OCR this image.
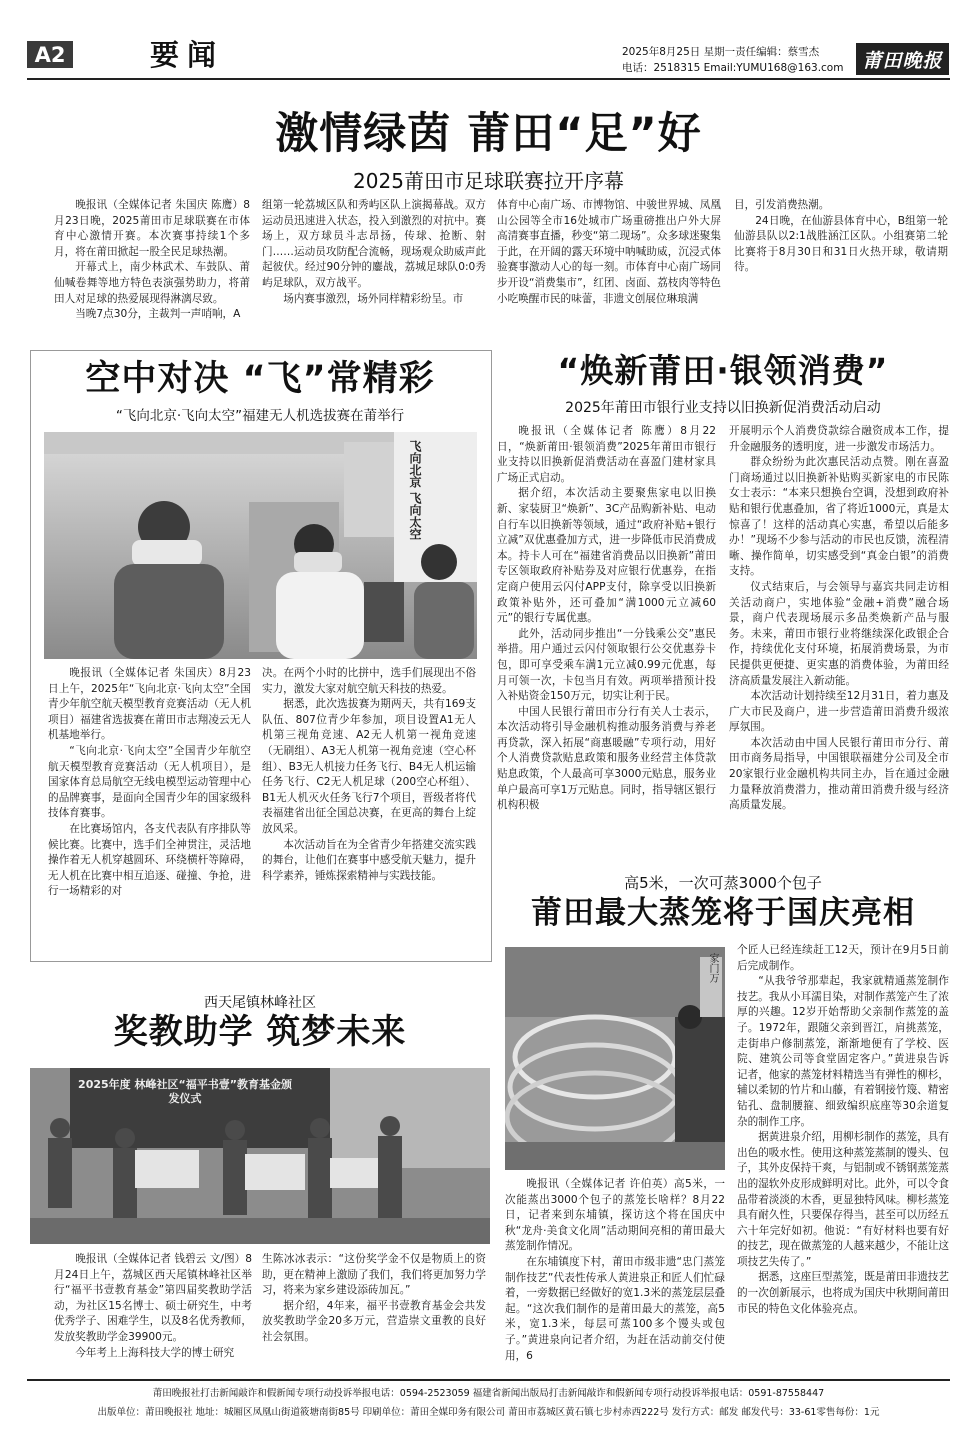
A2	要闻	2025年8月25日 星期一责任编辑：蔡雪杰
电话：2518315 Email:YUMU168@163.com	莆田晚报
激情绿茵 莆田“足”好
2025莆田市足球联赛拉开序幕

晚报讯（全媒体记者 朱国庆 陈鹰）8月23日晚，2025莆田市足球联赛在市体育中心激情开赛。本次赛事持续1个多月，将在莆田掀起一股全民足球热潮。

开幕式上，南少林武术、车鼓队、莆仙喊卷舞等地方特色表演强势助力，将莆田人对足球的热爱展现得淋漓尽致。

当晚7点30分，主裁判一声哨响，A

组第一轮荔城区队和秀屿区队上演揭幕战。双方运动员迅速进入状态，投入到激烈的对抗中。赛场上，双方球员斗志昂扬，传球、抢断、射门……运动员攻防配合流畅，现场观众助威声此起彼伏。经过90分钟的鏖战，荔城足球队0:0秀屿足球队，双方战平。

场内赛事激烈，场外同样精彩纷呈。市

体育中心南广场、市博物馆、中骏世界城、凤凰山公园等全市16处城市广场重磅推出户外大屏高清赛事直播，秒变“第二现场”。众多球迷聚集于此，在开阔的露天环境中呐喊助威，沉浸式体验赛事激动人心的每一刻。市体育中心南广场同步开设“消费集市”，红团、卤面、荔枝肉等特色小吃唤醒市民的味蕾，非遗文创展位琳琅满

目，引发消费热潮。

24日晚，在仙游县体育中心，B组第一轮仙游县队以2:1战胜涵江区队。小组赛第二轮比赛将于8月30日和31日火热开球，敬请期待。

空中对决 “飞”常精彩
“飞向北京·飞向太空”福建无人机选拔赛在莆举行
飞向北京 飞向太空

晚报讯（全媒体记者 朱国庆）8月23日上午，2025年“飞向北京·飞向太空”全国青少年航空航天模型教育竞赛活动（无人机项目）福建省选拔赛在莆田市志翔凌云无人机基地举行。

“飞向北京·飞向太空”全国青少年航空航天模型教育竞赛活动（无人机项目），是国家体育总局航空无线电模型运动管理中心的品牌赛事，是面向全国青少年的国家级科技体育赛事。

在比赛场馆内，各支代表队有序排队等候比赛。比赛中，选手们全神贯注，灵活地操作着无人机穿越圆环、环绕横杆等障碍，无人机在比赛中相互追逐、碰撞、争抢，进行一场精彩的对

决。在两个小时的比拼中，选手们展现出不俗实力，激发大家对航空航天科技的热爱。

据悉，此次选拔赛为期两天，共有169支队伍、807位青少年参加，项目设置A1无人机第三视角竞速、A2无人机第一视角竞速（无刷组）、A3无人机第一视角竞速（空心杯组）、B3无人机接力任务飞行、B4无人机运输任务飞行、C2无人机足球（200空心杯组）、B1无人机灭火任务飞行7个项目，晋级者将代表福建省出征全国总决赛，在更高的舞台上绽放风采。

本次活动旨在为全省青少年搭建交流实践的舞台，让他们在赛事中感受航天魅力，提升科学素养，锤炼探索精神与实践技能。

“焕新莆田·银领消费”
2025年莆田市银行业支持以旧换新促消费活动启动

晚报讯（全媒体记者 陈鹰）8月22日，“焕新莆田·银领消费”2025年莆田市银行业支持以旧换新促消费活动在喜盈门建材家具广场正式启动。

据介绍，本次活动主要聚焦家电以旧换新、家装厨卫“焕新”、3C产品购新补贴、电动自行车以旧换新等领域，通过“政府补贴+银行立减”双优惠叠加方式，进一步降低市民消费成本。持卡人可在“福建省消费品以旧换新”莆田专区领取政府补贴券及对应银行优惠券，在指定商户使用云闪付APP支付，除享受以旧换新政策补贴外，还可叠加“满1000元立减60元”的银行专属优惠。

此外，活动同步推出“一分钱乘公交”惠民举措。用户通过云闪付领取银行公交优惠券卡包，即可享受乘车满1元立减0.99元优惠，每月可领一次，卡包当月有效。两项举措预计投入补贴资金150万元，切实让利于民。

中国人民银行莆田市分行有关人士表示，本次活动将引导金融机构推动服务消费与养老再贷款，深入拓展“商惠暖融”专项行动，用好个人消费贷款贴息政策和服务业经营主体贷款贴息政策，个人最高可享3000元贴息，服务业单户最高可享1万元贴息。同时，指导辖区银行机构积极

开展明示个人消费贷款综合融资成本工作，提升金融服务的透明度，进一步激发市场活力。

群众纷纷为此次惠民活动点赞。刚在喜盈门商场通过以旧换新补贴购买新家电的市民陈女士表示：“本来只想换台空调，没想到政府补贴和银行优惠叠加，省了将近1000元，真是太惊喜了！这样的活动真心实惠，希望以后能多办！”现场不少参与活动的市民也反馈，流程清晰、操作简单，切实感受到“真金白银”的消费支持。

仪式结束后，与会领导与嘉宾共同走访相关活动商户，实地体验“金融+消费”融合场景，商户代表现场展示多品类焕新产品与服务。未来，莆田市银行业将继续深化政银企合作，持续优化支付环境，拓展消费场景，为市民提供更便捷、更实惠的消费体验，为莆田经济高质量发展注入新动能。

本次活动计划持续至12月31日，着力惠及广大市民及商户，进一步营造莆田消费升级浓厚氛围。

本次活动由中国人民银行莆田市分行、莆田市商务局指导，中国银联福建分公司及全市20家银行业金融机构共同主办，旨在通过金融力量释放消费潜力，推动莆田消费升级与经济高质量发展。

高5米，一次可蒸3000个包子
莆田最大蒸笼将于国庆亮相
家门万

晚报讯（全媒体记者 许伯英）高5米，一次能蒸出3000个包子的蒸笼长啥样？8月22日，记者来到东埔镇，探访这个将在国庆中秋“龙舟·美食文化周”活动期间亮相的莆田最大蒸笼制作情况。

在东埔镇度下村，莆田市级非遗“忠门蒸笼制作技艺”代表性传承人黄进泉正和匠人们忙碌着，一旁数据已经做好的宽1.3米的蒸笼层层叠起。“这次我们制作的是莆田最大的蒸笼，高5米，宽1.3米，每层可蒸100多个馒头或包子。”黄进泉向记者介绍，为赶在活动前交付使用，6

个匠人已经连续赶工12天，预计在9月5日前后完成制作。

“从我爷爷那辈起，我家就精通蒸笼制作技艺。我从小耳濡目染，对制作蒸笼产生了浓厚的兴趣。12岁开始帮助父亲制作蒸笼的盖子。1972年，跟随父亲到晋江，肩挑蒸笼，走街串户修制蒸笼，渐渐地便有了学校、医院、建筑公司等食堂固定客户。”黄进泉告诉记者，他家的蒸笼材料精选当有弹性的柳杉，辅以柔韧的竹片和山藤，有着钢接竹篾、精密钻孔、盘制腰箍、细致编织底座等30余道复杂的制作工序。

据黄进泉介绍，用柳杉制作的蒸笼，具有出色的吸水性。使用这种蒸笼蒸制的馒头、包子，其外皮保持干爽，与铝制或不锈钢蒸笼蒸出的湿软外皮形成鲜明对比。此外，可以令食品带着淡淡的木香，更显独特风味。柳杉蒸笼具有耐久性，只要保存得当，甚至可以历经五六十年完好如初。他说：“有好材料也要有好的技艺，现在做蒸笼的人越来越少，不能让这项技艺失传了。”

据悉，这座巨型蒸笼，既是莆田非遗技艺的一次创新展示，也将成为国庆中秋期间莆田市民的特色文化体验亮点。

西天尾镇林峰社区
奖教助学 筑梦未来
2025年度 林峰社区“福平书壹”教育基金颁发仪式

晚报讯（全媒体记者 钱碧云 文/图）8月24日上午，荔城区西天尾镇林峰社区举行“福平书壹教育基金”第四届奖教助学活动，为社区15名博士、硕士研究生，中考优秀学子、困难学生，以及8名优秀教师，发放奖教助学金39900元。

今年考上上海科技大学的博士研究

生陈冰冰表示：“这份奖学金不仅是物质上的资助，更在精神上激励了我们，我们将更加努力学习，将来为家乡建设添砖加瓦。”

据介绍，4年来，福平书壹教育基金会共发放奖教助学金20多万元，营造崇文重教的良好社会氛围。

莆田晚报社打击新闻敲诈和假新闻专项行动投诉举报电话：0594-2523059 福建省新闻出版局打击新闻敲诈和假新闻专项行动投诉举报电话：0591-87558447
出版单位：莆田晚报社 地址：城厢区凤凰山街道筱塘南街85号 印刷单位：莆田全媒印务有限公司 莆田市荔城区黄石镇七步村赤西222号 发行方式：邮发 邮发代号：33-61零售每份：1元
